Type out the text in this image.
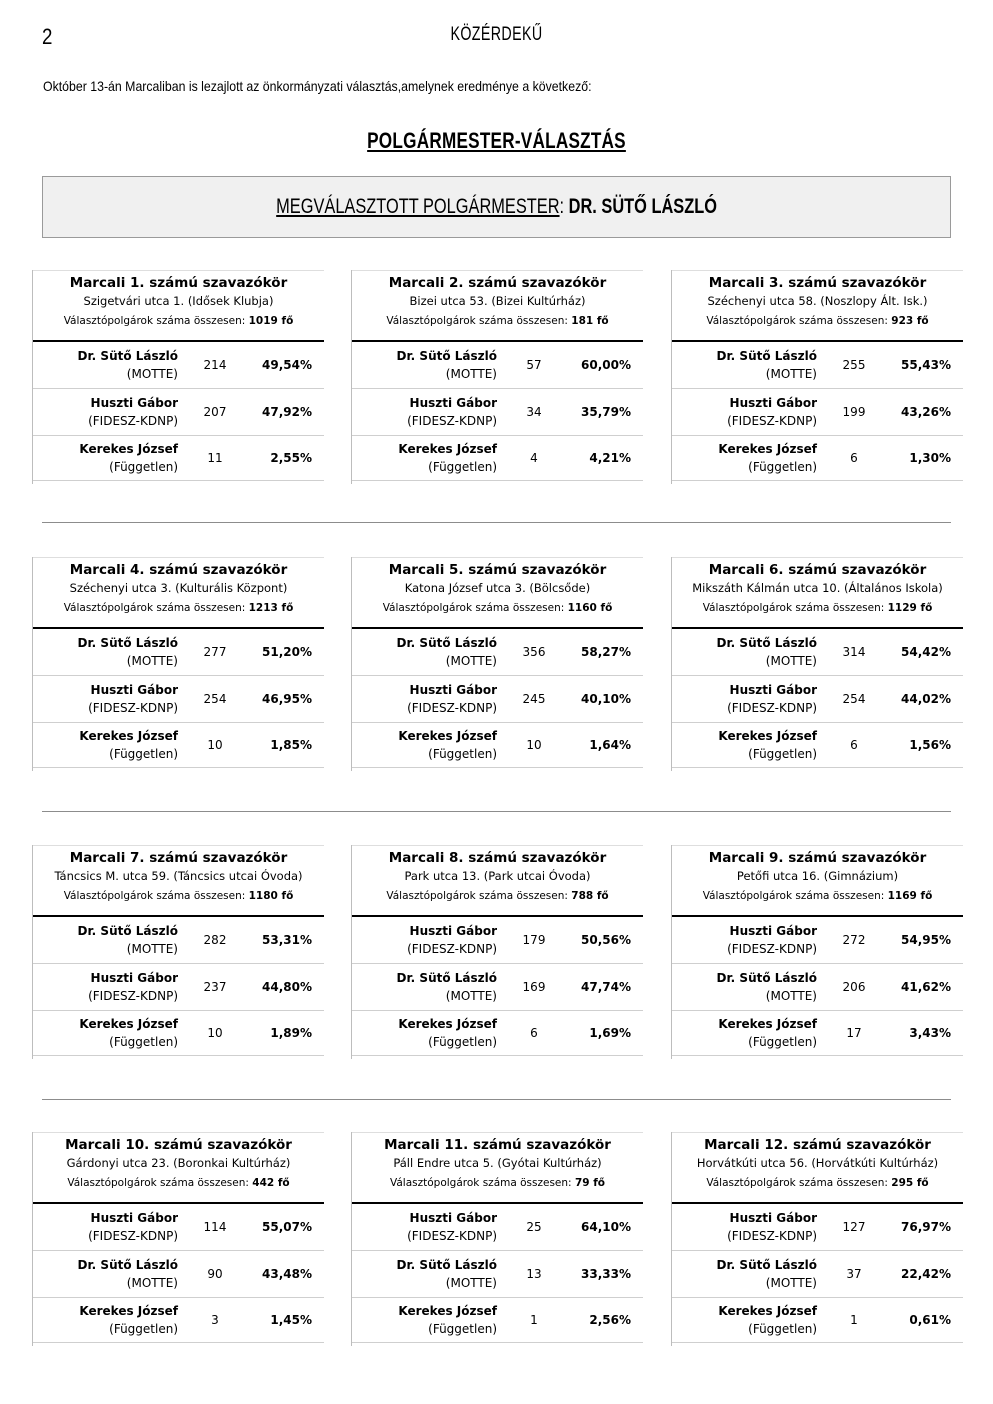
2	KÖZÉRDEKŰ
Október 13-án Marcaliban is lezajlott az önkormányzati választás,amelynek eredménye a következő:
POLGÁRMESTER-VÁLASZTÁS
MEGVÁLASZTOTT POLGÁRMESTER: DR. SÜTŐ LÁSZLÓ
Marcali 1. számú szavazókör
Szigetvári utca 1. (Idősek Klubja)
Választópolgárok száma összesen: 1019 fő
Dr. Sütő László
(MOTTE)
214	49,54%
Huszti Gábor
(FIDESZ-KDNP)
207	47,92%
Kerekes József
(Független)
11	2,55%
Marcali 2. számú szavazókör
Bizei utca 53. (Bizei Kultúrház)
Választópolgárok száma összesen: 181 fő
Dr. Sütő László
(MOTTE)
57	60,00%
Huszti Gábor
(FIDESZ-KDNP)
34	35,79%
Kerekes József
(Független)
4	4,21%
Marcali 3. számú szavazókör
Széchenyi utca 58. (Noszlopy Ált. Isk.)
Választópolgárok száma összesen: 923 fő
Dr. Sütő László
(MOTTE)
255	55,43%
Huszti Gábor
(FIDESZ-KDNP)
199	43,26%
Kerekes József
(Független)
6	1,30%
Marcali 4. számú szavazókör
Széchenyi utca 3. (Kulturális Központ)
Választópolgárok száma összesen: 1213 fő
Dr. Sütő László
(MOTTE)
277	51,20%
Huszti Gábor
(FIDESZ-KDNP)
254	46,95%
Kerekes József
(Független)
10	1,85%
Marcali 5. számú szavazókör
Katona József utca 3. (Bölcsőde)
Választópolgárok száma összesen: 1160 fő
Dr. Sütő László
(MOTTE)
356	58,27%
Huszti Gábor
(FIDESZ-KDNP)
245	40,10%
Kerekes József
(Független)
10	1,64%
Marcali 6. számú szavazókör
Mikszáth Kálmán utca 10. (Általános Iskola)
Választópolgárok száma összesen: 1129 fő
Dr. Sütő László
(MOTTE)
314	54,42%
Huszti Gábor
(FIDESZ-KDNP)
254	44,02%
Kerekes József
(Független)
6	1,56%
Marcali 7. számú szavazókör
Táncsics M. utca 59. (Táncsics utcai Óvoda)
Választópolgárok száma összesen: 1180 fő
Dr. Sütő László
(MOTTE)
282	53,31%
Huszti Gábor
(FIDESZ-KDNP)
237	44,80%
Kerekes József
(Független)
10	1,89%
Marcali 8. számú szavazókör
Park utca 13. (Park utcai Óvoda)
Választópolgárok száma összesen: 788 fő
Huszti Gábor
(FIDESZ-KDNP)
179	50,56%
Dr. Sütő László
(MOTTE)
169	47,74%
Kerekes József
(Független)
6	1,69%
Marcali 9. számú szavazókör
Petőfi utca 16. (Gimnázium)
Választópolgárok száma összesen: 1169 fő
Huszti Gábor
(FIDESZ-KDNP)
272	54,95%
Dr. Sütő László
(MOTTE)
206	41,62%
Kerekes József
(Független)
17	3,43%
Marcali 10. számú szavazókör
Gárdonyi utca 23. (Boronkai Kultúrház)
Választópolgárok száma összesen: 442 fő
Huszti Gábor
(FIDESZ-KDNP)
114	55,07%
Dr. Sütő László
(MOTTE)
90	43,48%
Kerekes József
(Független)
3	1,45%
Marcali 11. számú szavazókör
Páll Endre utca 5. (Gyótai Kultúrház)
Választópolgárok száma összesen: 79 fő
Huszti Gábor
(FIDESZ-KDNP)
25	64,10%
Dr. Sütő László
(MOTTE)
13	33,33%
Kerekes József
(Független)
1	2,56%
Marcali 12. számú szavazókör
Horvátkúti utca 56. (Horvátkúti Kultúrház)
Választópolgárok száma összesen: 295 fő
Huszti Gábor
(FIDESZ-KDNP)
127	76,97%
Dr. Sütő László
(MOTTE)
37	22,42%
Kerekes József
(Független)
1	0,61%
